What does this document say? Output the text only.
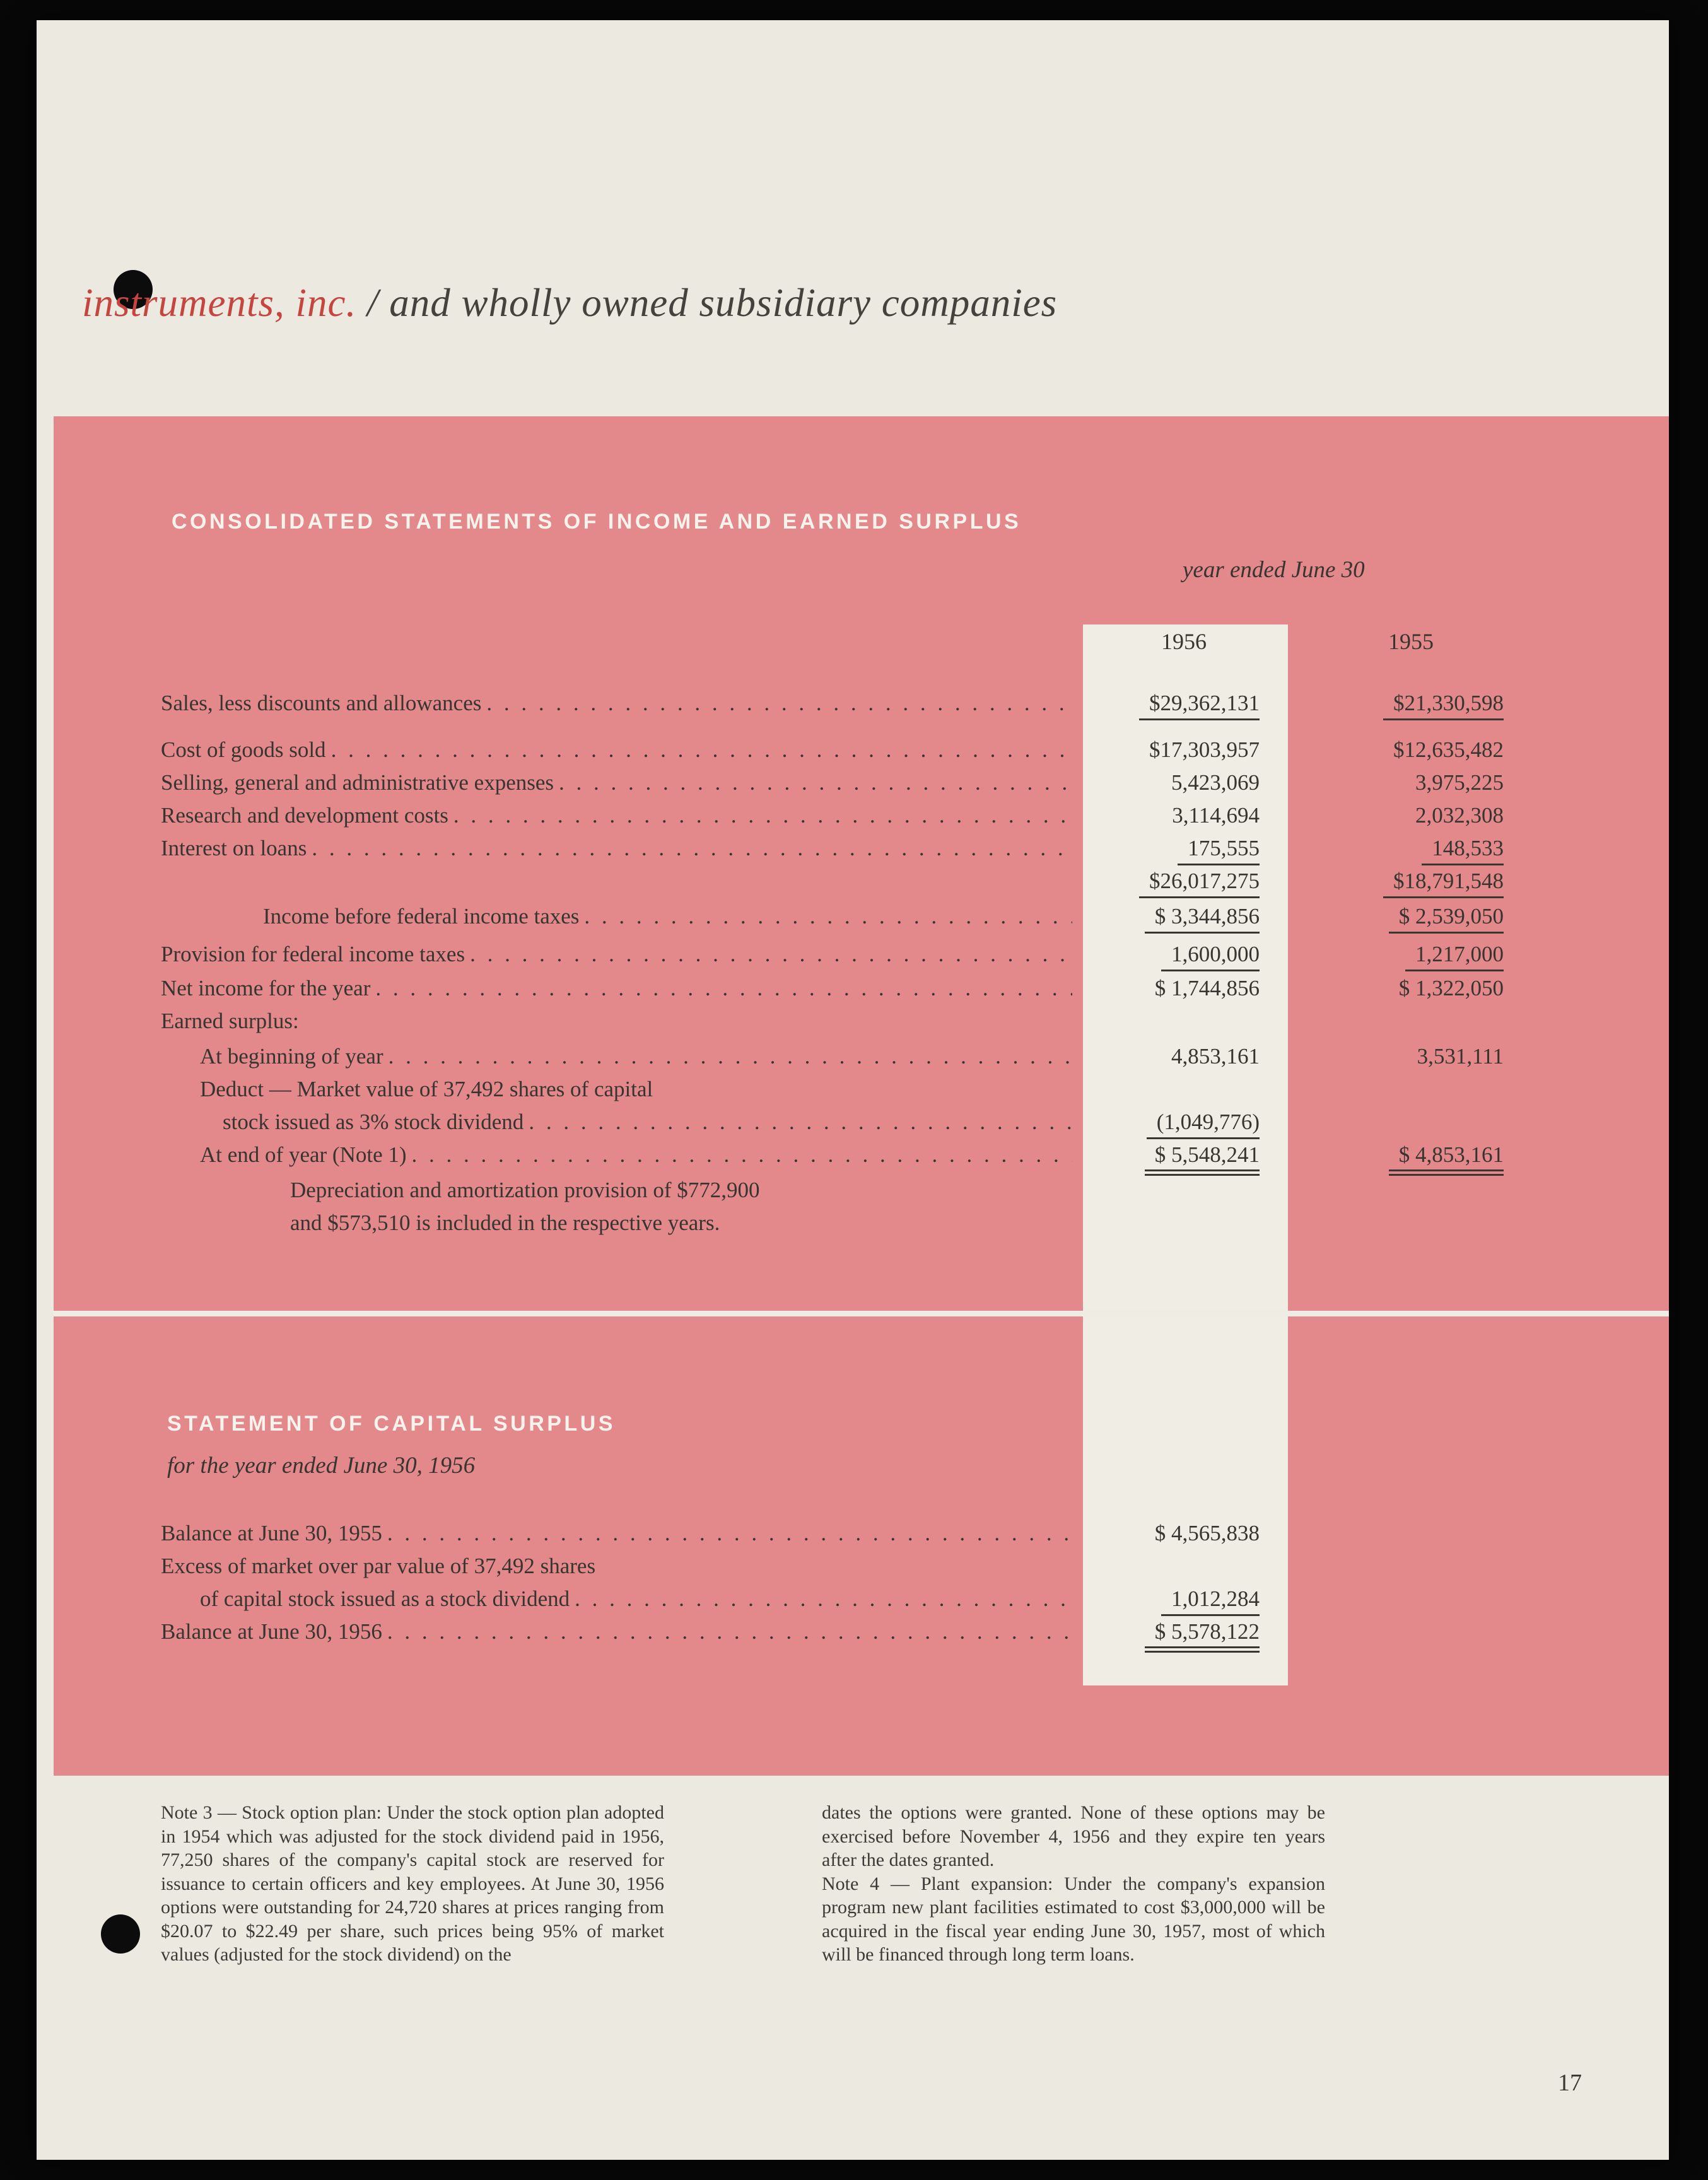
instruments, inc. / and wholly owned subsidiary companies
CONSOLIDATED STATEMENTS OF INCOME AND EARNED SURPLUS
year ended June 30
1956	1955
Sales, less discounts and allowances . . .	$29,362,131	$21,330,598
Cost of goods sold . . .	$17,303,957	$12,635,482
Selling, general and administrative expenses . . .	5,423,069	3,975,225
Research and development costs . . .	3,114,694	2,032,308
Interest on loans . . .	175,555	148,533
$26,017,275	$18,791,548
Income before federal income taxes . . .	$ 3,344,856	$ 2,539,050
Provision for federal income taxes . . .	1,600,000	1,217,000
Net income for the year . . .	$ 1,744,856	$ 1,322,050
Earned surplus:
At beginning of year . . .	4,853,161	3,531,111
Deduct — Market value of 37,492 shares of capital
stock issued as 3% stock dividend . . .	(1,049,776)
At end of year (Note 1) . . .	$ 5,548,241	$ 4,853,161
Depreciation and amortization provision of $772,900
and $573,510 is included in the respective years.
STATEMENT OF CAPITAL SURPLUS
for the year ended June 30, 1956
Balance at June 30, 1955 . . .	$ 4,565,838
Excess of market over par value of 37,492 shares
of capital stock issued as a stock dividend . . .	1,012,284
Balance at June 30, 1956 . . .	$ 5,578,122

Note 3 — Stock option plan: Under the stock option plan adopted in 1954 which was adjusted for the stock dividend paid in 1956, 77,250 shares of the company's capital stock are reserved for issuance to certain officers and key employees. At June 30, 1956 options were outstanding for 24,720 shares at prices ranging from $20.07 to $22.49 per share, such prices being 95% of market values (adjusted for the stock dividend) on the

dates the options were granted. None of these options may be exercised before November 4, 1956 and they expire ten years after the dates granted.

Note 4 — Plant expansion: Under the company's expansion program new plant facilities estimated to cost $3,000,000 will be acquired in the fiscal year ending June 30, 1957, most of which will be financed through long term loans.

17
